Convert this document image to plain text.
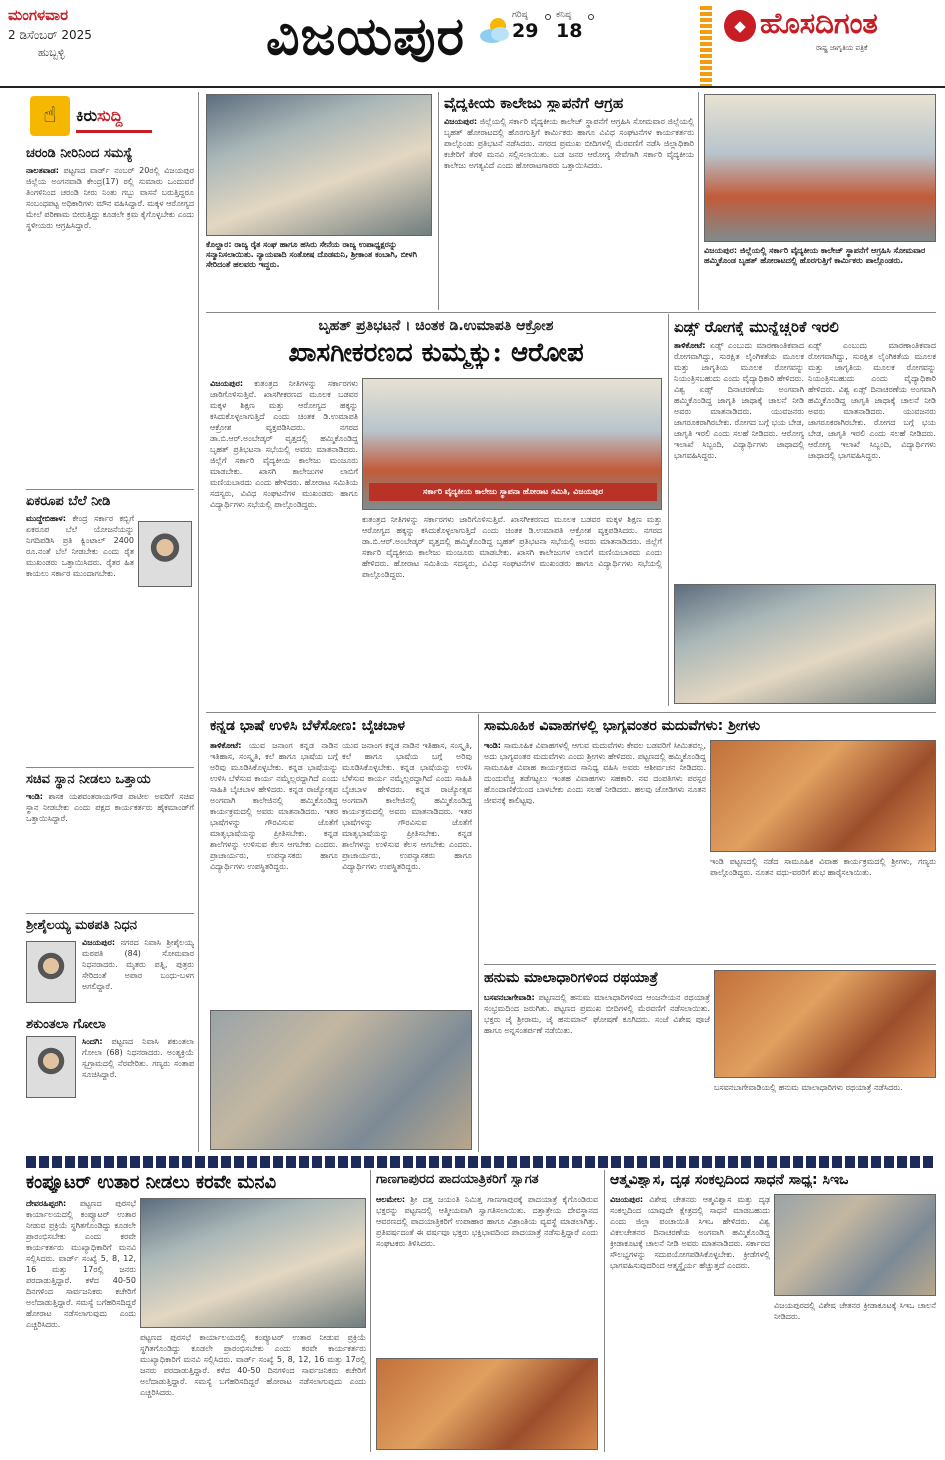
ಮಂಗಳವಾರ
2 ಡಿಸೆಂಬರ್ 2025
ಹುಬ್ಬಳ್ಳಿ	ವಿಜಯಪುರ	ಗರಿಷ್ಠ
29
ಕನಿಷ್ಠ
18	◆ ಹೊಸದಿಗಂತ
ರಾಷ್ಟ್ರ ಜಾಗೃತಿಯ ಪತ್ರಿಕೆ
☝	ಕಿರುಸುದ್ದಿ
ಚರಂಡಿ ನೀರಿನಿಂದ ಸಮಸ್ಯೆ
ನಾಲತವಾಡ: ಪಟ್ಟಣದ ವಾರ್ಡ್ ನಂಬರ್ 20ರಲ್ಲಿ ವಿಜಯಪುರ ಜಿಲ್ಲೆಯ ಅಂಗನವಾಡಿ ಕೇಂದ್ರ(17) ರಲ್ಲಿ ಸುಮಾರು ಒಂದುವರೆ ತಿಂಗಳಿನಿಂದ ಚರಂಡಿ ನೀರು ನಿಂತು ಗಬ್ಬು ವಾಸನೆ ಬರುತ್ತಿದ್ದರೂ ಸಂಬಂಧಪಟ್ಟ ಅಧಿಕಾರಿಗಳು ಮೌನ ವಹಿಸಿದ್ದಾರೆ. ಮಕ್ಕಳ ಆರೋಗ್ಯದ ಮೇಲೆ ಪರಿಣಾಮ ಬೀರುತ್ತಿದ್ದು ಕೂಡಲೇ ಕ್ರಮ ಕೈಗೊಳ್ಳಬೇಕು ಎಂದು ಸ್ಥಳೀಯರು ಆಗ್ರಹಿಸಿದ್ದಾರೆ.
ಏಕರೂಪ ಬೆಲೆ ನೀಡಿ
ಮುದ್ದೇಬಿಹಾಳ: ಕೇಂದ್ರ ಸರ್ಕಾರ ಕಬ್ಬಿಗೆ ಏಕರೂಪ ಬೆಲೆ ಯೋಜನೆಯನ್ನು ನಿಗದಿಪಡಿಸಿ ಪ್ರತಿ ಕ್ವಿಂಟಾಲ್ 2400 ರೂ.ನಂತೆ ಬೆಲೆ ನೀಡಬೇಕು ಎಂದು ರೈತ ಮುಖಂಡರು ಒತ್ತಾಯಿಸಿದರು. ರೈತರ ಹಿತ ಕಾಯಲು ಸರ್ಕಾರ ಮುಂದಾಗಬೇಕು.
ಸಚಿವ ಸ್ಥಾನ ನೀಡಲು ಒತ್ತಾಯ
ಇಂಡಿ: ಶಾಸಕ ಯಶವಂತರಾಯಗೌಡ ಪಾಟೀಲ ಅವರಿಗೆ ಸಚಿವ ಸ್ಥಾನ ನೀಡಬೇಕು ಎಂದು ಪಕ್ಷದ ಕಾರ್ಯಕರ್ತರು ಹೈಕಮಾಂಡ್‌ಗೆ ಒತ್ತಾಯಿಸಿದ್ದಾರೆ.
ಶ್ರೀಶೈಲಯ್ಯ ಮಠಪತಿ ನಿಧನ
ವಿಜಯಪುರ: ನಗರದ ನಿವಾಸಿ ಶ್ರೀಶೈಲಯ್ಯ ಮಠಪತಿ (84) ಸೋಮವಾರ ನಿಧನರಾದರು. ಮೃತರು ಪತ್ನಿ, ಪುತ್ರರು ಸೇರಿದಂತೆ ಅಪಾರ ಬಂಧು-ಬಳಗ ಅಗಲಿದ್ದಾರೆ.
ಶಕುಂತಲಾ ಗೋಲಾ
ಸಿಂದಗಿ: ಪಟ್ಟಣದ ನಿವಾಸಿ ಶಕುಂತಲಾ ಗೋಲಾ (68) ನಿಧನರಾದರು. ಅಂತ್ಯಕ್ರಿಯೆ ಸ್ವಗ್ರಾಮದಲ್ಲಿ ನೆರವೇರಿತು. ಗಣ್ಯರು ಸಂತಾಪ ಸೂಚಿಸಿದ್ದಾರೆ.
ಕೊಲ್ಹಾರ: ರಾಜ್ಯ ರೈತ ಸಂಘ ಹಾಗೂ ಹಸಿರು ಸೇನೆಯ ರಾಜ್ಯ ಉಪಾಧ್ಯಕ್ಷರನ್ನು ಸನ್ಮಾನಿಸಲಾಯಿತು. ನ್ಯಾಯವಾದಿ ಸಂತೋಷ ದೊಡಮನಿ, ಶ್ರೀಕಾಂತ ಕಂಬಾಗಿ, ಬೀಳಗಿ ಸೇರಿದಂತೆ ಹಲವರು ಇದ್ದರು.
ವೈದ್ಯಕೀಯ ಕಾಲೇಜು ಸ್ಥಾಪನೆಗೆ ಆಗ್ರಹ
ವಿಜಯಪುರ: ಜಿಲ್ಲೆಯಲ್ಲಿ ಸರ್ಕಾರಿ ವೈದ್ಯಕೀಯ ಕಾಲೇಜ್ ಸ್ಥಾಪನೆಗೆ ಆಗ್ರಹಿಸಿ ಸೋಮವಾರ ಜಿಲ್ಲೆಯಲ್ಲಿ ಬೃಹತ್ ಹೋರಾಟದಲ್ಲಿ ಹೊರಗುತ್ತಿಗೆ ಕಾರ್ಮಿಕರು ಹಾಗೂ ವಿವಿಧ ಸಂಘಟನೆಗಳ ಕಾರ್ಯಕರ್ತರು ಪಾಲ್ಗೊಂಡು ಪ್ರತಿಭಟನೆ ನಡೆಸಿದರು. ನಗರದ ಪ್ರಮುಖ ಬೀದಿಗಳಲ್ಲಿ ಮೆರವಣಿಗೆ ನಡೆಸಿ ಜಿಲ್ಲಾಧಿಕಾರಿ ಕಚೇರಿಗೆ ತೆರಳಿ ಮನವಿ ಸಲ್ಲಿಸಲಾಯಿತು. ಬಡ ಜನರ ಆರೋಗ್ಯ ಸೇವೆಗಾಗಿ ಸರ್ಕಾರಿ ವೈದ್ಯಕೀಯ ಕಾಲೇಜು ಅಗತ್ಯವಿದೆ ಎಂದು ಹೋರಾಟಗಾರರು ಒತ್ತಾಯಿಸಿದರು.
ವಿಜಯಪುರ: ಜಿಲ್ಲೆಯಲ್ಲಿ ಸರ್ಕಾರಿ ವೈದ್ಯಕೀಯ ಕಾಲೇಜ್ ಸ್ಥಾಪನೆಗೆ ಆಗ್ರಹಿಸಿ ಸೋಮವಾರ ಹಮ್ಮಿಕೊಂಡ ಬೃಹತ್ ಹೋರಾಟದಲ್ಲಿ ಹೊರಗುತ್ತಿಗೆ ಕಾರ್ಮಿಕರು ಪಾಲ್ಗೊಂಡರು.
ಬೃಹತ್ ಪ್ರತಿಭಟನೆ । ಚಿಂತಕ ಡಿ.ಉಮಾಪತಿ ಆಕ್ರೋಶ
ಖಾಸಗೀಕರಣದ ಕುಮ್ಮಕ್ಕು: ಆರೋಪ
ವಿಜಯಪುರ: ಕುತಂತ್ರದ ನೀತಿಗಳನ್ನು ಸರ್ಕಾರಗಳು ಜಾರಿಗೊಳಿಸುತ್ತಿವೆ. ಖಾಸಗೀಕರಣದ ಮೂಲಕ ಬಡವರ ಮಕ್ಕಳ ಶಿಕ್ಷಣ ಮತ್ತು ಆರೋಗ್ಯದ ಹಕ್ಕನ್ನು ಕಸಿದುಕೊಳ್ಳಲಾಗುತ್ತಿದೆ ಎಂದು ಚಿಂತಕ ಡಿ.ಉಮಾಪತಿ ಆಕ್ರೋಶ ವ್ಯಕ್ತಪಡಿಸಿದರು. ನಗರದ ಡಾ.ಬಿ.ಆರ್.ಅಂಬೇಡ್ಕರ್ ವೃತ್ತದಲ್ಲಿ ಹಮ್ಮಿಕೊಂಡಿದ್ದ ಬೃಹತ್ ಪ್ರತಿಭಟನಾ ಸಭೆಯಲ್ಲಿ ಅವರು ಮಾತನಾಡಿದರು. ಜಿಲ್ಲೆಗೆ ಸರ್ಕಾರಿ ವೈದ್ಯಕೀಯ ಕಾಲೇಜು ಮಂಜೂರು ಮಾಡಬೇಕು. ಖಾಸಗಿ ಕಾಲೇಜುಗಳ ಲಾಬಿಗೆ ಮಣಿಯಬಾರದು ಎಂದು ಹೇಳಿದರು. ಹೋರಾಟ ಸಮಿತಿಯ ಸದಸ್ಯರು, ವಿವಿಧ ಸಂಘಟನೆಗಳ ಮುಖಂಡರು ಹಾಗೂ ವಿದ್ಯಾರ್ಥಿಗಳು ಸಭೆಯಲ್ಲಿ ಪಾಲ್ಗೊಂಡಿದ್ದರು.
ಸರ್ಕಾರಿ ವೈದ್ಯಕೀಯ ಕಾಲೇಜು ಸ್ಥಾಪನಾ ಹೋರಾಟ ಸಮಿತಿ, ವಿಜಯಪುರ
ಕುತಂತ್ರದ ನೀತಿಗಳನ್ನು ಸರ್ಕಾರಗಳು ಜಾರಿಗೊಳಿಸುತ್ತಿವೆ. ಖಾಸಗೀಕರಣದ ಮೂಲಕ ಬಡವರ ಮಕ್ಕಳ ಶಿಕ್ಷಣ ಮತ್ತು ಆರೋಗ್ಯದ ಹಕ್ಕನ್ನು ಕಸಿದುಕೊಳ್ಳಲಾಗುತ್ತಿದೆ ಎಂದು ಚಿಂತಕ ಡಿ.ಉಮಾಪತಿ ಆಕ್ರೋಶ ವ್ಯಕ್ತಪಡಿಸಿದರು. ನಗರದ ಡಾ.ಬಿ.ಆರ್.ಅಂಬೇಡ್ಕರ್ ವೃತ್ತದಲ್ಲಿ ಹಮ್ಮಿಕೊಂಡಿದ್ದ ಬೃಹತ್ ಪ್ರತಿಭಟನಾ ಸಭೆಯಲ್ಲಿ ಅವರು ಮಾತನಾಡಿದರು. ಜಿಲ್ಲೆಗೆ ಸರ್ಕಾರಿ ವೈದ್ಯಕೀಯ ಕಾಲೇಜು ಮಂಜೂರು ಮಾಡಬೇಕು. ಖಾಸಗಿ ಕಾಲೇಜುಗಳ ಲಾಬಿಗೆ ಮಣಿಯಬಾರದು ಎಂದು ಹೇಳಿದರು. ಹೋರಾಟ ಸಮಿತಿಯ ಸದಸ್ಯರು, ವಿವಿಧ ಸಂಘಟನೆಗಳ ಮುಖಂಡರು ಹಾಗೂ ವಿದ್ಯಾರ್ಥಿಗಳು ಸಭೆಯಲ್ಲಿ ಪಾಲ್ಗೊಂಡಿದ್ದರು.
ಏಡ್ಸ್ ರೋಗಕ್ಕೆ ಮುನ್ನೆಚ್ಚರಿಕೆ ಇರಲಿ
ತಾಳಿಕೋಟೆ: ಏಡ್ಸ್ ಎಂಬುದು ಮಾರಣಾಂತಿಕವಾದ ರೋಗವಾಗಿದ್ದು, ಸುರಕ್ಷಿತ ಲೈಂಗಿಕತೆಯ ಮೂಲಕ ಮತ್ತು ಜಾಗೃತಿಯ ಮೂಲಕ ರೋಗವನ್ನು ನಿಯಂತ್ರಿಸಬಹುದು ಎಂದು ವೈದ್ಯಾಧಿಕಾರಿ ಹೇಳಿದರು. ವಿಶ್ವ ಏಡ್ಸ್ ದಿನಾಚರಣೆಯ ಅಂಗವಾಗಿ ಹಮ್ಮಿಕೊಂಡಿದ್ದ ಜಾಗೃತಿ ಜಾಥಾಕ್ಕೆ ಚಾಲನೆ ನೀಡಿ ಅವರು ಮಾತನಾಡಿದರು. ಯುವಜನರು ಜಾಗರೂಕರಾಗಿರಬೇಕು. ರೋಗದ ಬಗ್ಗೆ ಭಯ ಬೇಡ, ಜಾಗೃತಿ ಇರಲಿ ಎಂದು ಸಲಹೆ ನೀಡಿದರು. ಆರೋಗ್ಯ ಇಲಾಖೆ ಸಿಬ್ಬಂದಿ, ವಿದ್ಯಾರ್ಥಿಗಳು ಜಾಥಾದಲ್ಲಿ ಭಾಗವಹಿಸಿದ್ದರು.
ಏಡ್ಸ್ ಎಂಬುದು ಮಾರಣಾಂತಿಕವಾದ ರೋಗವಾಗಿದ್ದು, ಸುರಕ್ಷಿತ ಲೈಂಗಿಕತೆಯ ಮೂಲಕ ಮತ್ತು ಜಾಗೃತಿಯ ಮೂಲಕ ರೋಗವನ್ನು ನಿಯಂತ್ರಿಸಬಹುದು ಎಂದು ವೈದ್ಯಾಧಿಕಾರಿ ಹೇಳಿದರು. ವಿಶ್ವ ಏಡ್ಸ್ ದಿನಾಚರಣೆಯ ಅಂಗವಾಗಿ ಹಮ್ಮಿಕೊಂಡಿದ್ದ ಜಾಗೃತಿ ಜಾಥಾಕ್ಕೆ ಚಾಲನೆ ನೀಡಿ ಅವರು ಮಾತನಾಡಿದರು. ಯುವಜನರು ಜಾಗರೂಕರಾಗಿರಬೇಕು. ರೋಗದ ಬಗ್ಗೆ ಭಯ ಬೇಡ, ಜಾಗೃತಿ ಇರಲಿ ಎಂದು ಸಲಹೆ ನೀಡಿದರು. ಆರೋಗ್ಯ ಇಲಾಖೆ ಸಿಬ್ಬಂದಿ, ವಿದ್ಯಾರ್ಥಿಗಳು ಜಾಥಾದಲ್ಲಿ ಭಾಗವಹಿಸಿದ್ದರು.
ಕನ್ನಡ ಭಾಷೆ ಉಳಿಸಿ ಬೆಳೆಸೋಣ: ಬೈಚಬಾಳ
ತಾಳಿಕೋಟೆ: ಯುವ ಜನಾಂಗ ಕನ್ನಡ ನಾಡಿನ ಇತಿಹಾಸ, ಸಂಸ್ಕೃತಿ, ಕಲೆ ಹಾಗೂ ಭಾಷೆಯ ಬಗ್ಗೆ ಅರಿವು ಮೂಡಿಸಿಕೊಳ್ಳಬೇಕು. ಕನ್ನಡ ಭಾಷೆಯನ್ನು ಉಳಿಸಿ ಬೆಳೆಸುವ ಕಾರ್ಯ ನಮ್ಮೆಲ್ಲರದ್ದಾಗಿದೆ ಎಂದು ಸಾಹಿತಿ ಬೈಚಬಾಳ ಹೇಳಿದರು. ಕನ್ನಡ ರಾಜ್ಯೋತ್ಸವ ಅಂಗವಾಗಿ ಕಾಲೇಜಿನಲ್ಲಿ ಹಮ್ಮಿಕೊಂಡಿದ್ದ ಕಾರ್ಯಕ್ರಮದಲ್ಲಿ ಅವರು ಮಾತನಾಡಿದರು. ಇತರ ಭಾಷೆಗಳನ್ನು ಗೌರವಿಸುವ ಜೊತೆಗೆ ಮಾತೃಭಾಷೆಯನ್ನು ಪ್ರೀತಿಸಬೇಕು. ಕನ್ನಡ ಶಾಲೆಗಳನ್ನು ಉಳಿಸುವ ಕೆಲಸ ಆಗಬೇಕು ಎಂದರು. ಪ್ರಾಚಾರ್ಯರು, ಉಪನ್ಯಾಸಕರು ಹಾಗೂ ವಿದ್ಯಾರ್ಥಿಗಳು ಉಪಸ್ಥಿತರಿದ್ದರು.
ಯುವ ಜನಾಂಗ ಕನ್ನಡ ನಾಡಿನ ಇತಿಹಾಸ, ಸಂಸ್ಕೃತಿ, ಕಲೆ ಹಾಗೂ ಭಾಷೆಯ ಬಗ್ಗೆ ಅರಿವು ಮೂಡಿಸಿಕೊಳ್ಳಬೇಕು. ಕನ್ನಡ ಭಾಷೆಯನ್ನು ಉಳಿಸಿ ಬೆಳೆಸುವ ಕಾರ್ಯ ನಮ್ಮೆಲ್ಲರದ್ದಾಗಿದೆ ಎಂದು ಸಾಹಿತಿ ಬೈಚಬಾಳ ಹೇಳಿದರು. ಕನ್ನಡ ರಾಜ್ಯೋತ್ಸವ ಅಂಗವಾಗಿ ಕಾಲೇಜಿನಲ್ಲಿ ಹಮ್ಮಿಕೊಂಡಿದ್ದ ಕಾರ್ಯಕ್ರಮದಲ್ಲಿ ಅವರು ಮಾತನಾಡಿದರು. ಇತರ ಭಾಷೆಗಳನ್ನು ಗೌರವಿಸುವ ಜೊತೆಗೆ ಮಾತೃಭಾಷೆಯನ್ನು ಪ್ರೀತಿಸಬೇಕು. ಕನ್ನಡ ಶಾಲೆಗಳನ್ನು ಉಳಿಸುವ ಕೆಲಸ ಆಗಬೇಕು ಎಂದರು. ಪ್ರಾಚಾರ್ಯರು, ಉಪನ್ಯಾಸಕರು ಹಾಗೂ ವಿದ್ಯಾರ್ಥಿಗಳು ಉಪಸ್ಥಿತರಿದ್ದರು.
ಸಾಮೂಹಿಕ ವಿವಾಹಗಳಲ್ಲಿ ಭಾಗ್ಯವಂತರ ಮದುವೆಗಳು: ಶ್ರೀಗಳು
ಇಂಡಿ: ಸಾಮೂಹಿಕ ವಿವಾಹಗಳಲ್ಲಿ ಆಗುವ ಮದುವೆಗಳು ಕೇವಲ ಬಡವರಿಗೆ ಸೀಮಿತವಲ್ಲ, ಅದು ಭಾಗ್ಯವಂತರ ಮದುವೆಗಳು ಎಂದು ಶ್ರೀಗಳು ಹೇಳಿದರು. ಪಟ್ಟಣದಲ್ಲಿ ಹಮ್ಮಿಕೊಂಡಿದ್ದ ಸಾಮೂಹಿಕ ವಿವಾಹ ಕಾರ್ಯಕ್ರಮದ ಸಾನಿಧ್ಯ ವಹಿಸಿ ಅವರು ಆಶೀರ್ವಚನ ನೀಡಿದರು. ದುಂದುವೆಚ್ಚ ತಡೆಗಟ್ಟಲು ಇಂತಹ ವಿವಾಹಗಳು ಸಹಕಾರಿ. ನವ ದಂಪತಿಗಳು ಪರಸ್ಪರ ಹೊಂದಾಣಿಕೆಯಿಂದ ಬಾಳಬೇಕು ಎಂದು ಸಲಹೆ ನೀಡಿದರು. ಹಲವು ಜೋಡಿಗಳು ನೂತನ ಜೀವನಕ್ಕೆ ಕಾಲಿಟ್ಟವು.
ಇಂಡಿ ಪಟ್ಟಣದಲ್ಲಿ ನಡೆದ ಸಾಮೂಹಿಕ ವಿವಾಹ ಕಾರ್ಯಕ್ರಮದಲ್ಲಿ ಶ್ರೀಗಳು, ಗಣ್ಯರು ಪಾಲ್ಗೊಂಡಿದ್ದರು. ನೂತನ ವಧು-ವರರಿಗೆ ಶುಭ ಹಾರೈಸಲಾಯಿತು.
ಹನುಮ ಮಾಲಾಧಾರಿಗಳಿಂದ ರಥಯಾತ್ರೆ
ಬಸವನಬಾಗೇವಾಡಿ: ಪಟ್ಟಣದಲ್ಲಿ ಹನುಮ ಮಾಲಾಧಾರಿಗಳಿಂದ ಆಂಜನೇಯನ ರಥಯಾತ್ರೆ ಸಂಭ್ರಮದಿಂದ ಜರುಗಿತು. ಪಟ್ಟಣದ ಪ್ರಮುಖ ಬೀದಿಗಳಲ್ಲಿ ಮೆರವಣಿಗೆ ನಡೆಸಲಾಯಿತು. ಭಕ್ತರು ಜೈ ಶ್ರೀರಾಮ, ಜೈ ಹನುಮಾನ್ ಘೋಷಣೆ ಕೂಗಿದರು. ಸಂಜೆ ವಿಶೇಷ ಪೂಜೆ ಹಾಗೂ ಅನ್ನಸಂತರ್ಪಣೆ ನಡೆಯಿತು.
ಬಸವನಬಾಗೇವಾಡಿಯಲ್ಲಿ ಹನುಮ ಮಾಲಾಧಾರಿಗಳು ರಥಯಾತ್ರೆ ನಡೆಸಿದರು.
ಕಂಪ್ಯೂಟರ್ ಉತಾರ ನೀಡಲು ಕರವೇ ಮನವಿ
ದೇವರಹಿಪ್ಪರಗಿ: ಪಟ್ಟಣದ ಪುರಸಭೆ ಕಾರ್ಯಾಲಯದಲ್ಲಿ ಕಂಪ್ಯೂಟರ್ ಉತಾರ ನೀಡುವ ಪ್ರಕ್ರಿಯೆ ಸ್ಥಗಿತಗೊಂಡಿದ್ದು ಕೂಡಲೇ ಪ್ರಾರಂಭಿಸಬೇಕು ಎಂದು ಕರವೇ ಕಾರ್ಯಕರ್ತರು ಮುಖ್ಯಾಧಿಕಾರಿಗೆ ಮನವಿ ಸಲ್ಲಿಸಿದರು. ವಾರ್ಡ್ ಸಂಖ್ಯೆ 5, 8, 12, 16 ಮತ್ತು 17ರಲ್ಲಿ ಜನರು ಪರದಾಡುತ್ತಿದ್ದಾರೆ. ಕಳೆದ 40-50 ದಿನಗಳಿಂದ ಸಾರ್ವಜನಿಕರು ಕಚೇರಿಗೆ ಅಲೆದಾಡುತ್ತಿದ್ದಾರೆ. ಸಮಸ್ಯೆ ಬಗೆಹರಿಸದಿದ್ದರೆ ಹೋರಾಟ ನಡೆಸಲಾಗುವುದು ಎಂದು ಎಚ್ಚರಿಸಿದರು.
ಪಟ್ಟಣದ ಪುರಸಭೆ ಕಾರ್ಯಾಲಯದಲ್ಲಿ ಕಂಪ್ಯೂಟರ್ ಉತಾರ ನೀಡುವ ಪ್ರಕ್ರಿಯೆ ಸ್ಥಗಿತಗೊಂಡಿದ್ದು ಕೂಡಲೇ ಪ್ರಾರಂಭಿಸಬೇಕು ಎಂದು ಕರವೇ ಕಾರ್ಯಕರ್ತರು ಮುಖ್ಯಾಧಿಕಾರಿಗೆ ಮನವಿ ಸಲ್ಲಿಸಿದರು. ವಾರ್ಡ್ ಸಂಖ್ಯೆ 5, 8, 12, 16 ಮತ್ತು 17ರಲ್ಲಿ ಜನರು ಪರದಾಡುತ್ತಿದ್ದಾರೆ. ಕಳೆದ 40-50 ದಿನಗಳಿಂದ ಸಾರ್ವಜನಿಕರು ಕಚೇರಿಗೆ ಅಲೆದಾಡುತ್ತಿದ್ದಾರೆ. ಸಮಸ್ಯೆ ಬಗೆಹರಿಸದಿದ್ದರೆ ಹೋರಾಟ ನಡೆಸಲಾಗುವುದು ಎಂದು ಎಚ್ಚರಿಸಿದರು.
ಗಾಣಗಾಪುರದ ಪಾದಯಾತ್ರಿಕರಿಗೆ ಸ್ವಾಗತ
ಆಲಮೇಲ: ಶ್ರೀ ದತ್ತ ಜಯಂತಿ ನಿಮಿತ್ತ ಗಾಣಗಾಪುರಕ್ಕೆ ಪಾದಯಾತ್ರೆ ಕೈಗೊಂಡಿರುವ ಭಕ್ತರನ್ನು ಪಟ್ಟಣದಲ್ಲಿ ಆತ್ಮೀಯವಾಗಿ ಸ್ವಾಗತಿಸಲಾಯಿತು. ದತ್ತಾತ್ರೇಯ ದೇವಸ್ಥಾನದ ಆವರಣದಲ್ಲಿ ಪಾದಯಾತ್ರಿಕರಿಗೆ ಉಪಾಹಾರ ಹಾಗೂ ವಿಶ್ರಾಂತಿಯ ವ್ಯವಸ್ಥೆ ಮಾಡಲಾಗಿತ್ತು. ಪ್ರತಿವರ್ಷದಂತೆ ಈ ವರ್ಷವೂ ಭಕ್ತರು ಭಕ್ತಿಭಾವದಿಂದ ಪಾದಯಾತ್ರೆ ನಡೆಸುತ್ತಿದ್ದಾರೆ ಎಂದು ಸಂಘಟಕರು ತಿಳಿಸಿದರು.
ಆತ್ಮವಿಶ್ವಾಸ, ದೃಢ ಸಂಕಲ್ಪದಿಂದ ಸಾಧನೆ ಸಾಧ್ಯ: ಸಿಇಒ
ವಿಜಯಪುರ: ವಿಶೇಷ ಚೇತನರು ಆತ್ಮವಿಶ್ವಾಸ ಮತ್ತು ದೃಢ ಸಂಕಲ್ಪದಿಂದ ಯಾವುದೇ ಕ್ಷೇತ್ರದಲ್ಲಿ ಸಾಧನೆ ಮಾಡಬಹುದು ಎಂದು ಜಿಲ್ಲಾ ಪಂಚಾಯಿತಿ ಸಿಇಒ ಹೇಳಿದರು. ವಿಶ್ವ ವಿಕಲಚೇತನರ ದಿನಾಚರಣೆಯ ಅಂಗವಾಗಿ ಹಮ್ಮಿಕೊಂಡಿದ್ದ ಕ್ರೀಡಾಕೂಟಕ್ಕೆ ಚಾಲನೆ ನೀಡಿ ಅವರು ಮಾತನಾಡಿದರು. ಸರ್ಕಾರದ ಸೌಲಭ್ಯಗಳನ್ನು ಸದುಪಯೋಗಪಡಿಸಿಕೊಳ್ಳಬೇಕು. ಕ್ರೀಡೆಗಳಲ್ಲಿ ಭಾಗವಹಿಸುವುದರಿಂದ ಆತ್ಮಸ್ಥೈರ್ಯ ಹೆಚ್ಚುತ್ತದೆ ಎಂದರು.
ವಿಜಯಪುರದಲ್ಲಿ ವಿಶೇಷ ಚೇತನರ ಕ್ರೀಡಾಕೂಟಕ್ಕೆ ಸಿಇಒ ಚಾಲನೆ ನೀಡಿದರು.
